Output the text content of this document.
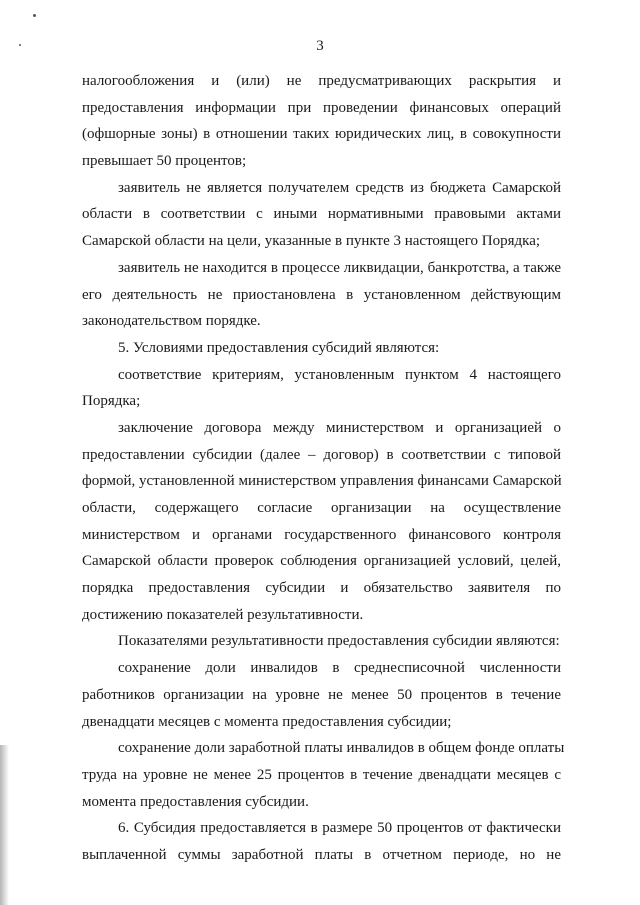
3
налогообложения и (или) не предусматривающих раскрытия и
предоставления информации при проведении финансовых операций
(офшорные зоны) в отношении таких юридических лиц, в совокупности
превышает 50 процентов;
заявитель не является получателем средств из бюджета Самарской
области в соответствии с иными нормативными правовыми актами
Самарской области на цели, указанные в пункте 3 настоящего Порядка;
заявитель не находится в процессе ликвидации, банкротства, а также
его деятельность не приостановлена в установленном действующим
законодательством порядке.
5. Условиями предоставления субсидий являются:
соответствие критериям, установленным пунктом 4 настоящего
Порядка;
заключение договора между министерством и организацией о
предоставлении субсидии (далее – договор) в соответствии с типовой
формой, установленной министерством управления финансами Самарской
области, содержащего согласие организации на осуществление
министерством и органами государственного финансового контроля
Самарской области проверок соблюдения организацией условий, целей,
порядка предоставления субсидии и обязательство заявителя по
достижению показателей результативности.
Показателями результативности предоставления субсидии являются:
сохранение доли инвалидов в среднесписочной численности
работников организации на уровне не менее 50 процентов в течение
двенадцати месяцев с момента предоставления субсидии;
сохранение доли заработной платы инвалидов в общем фонде оплаты
труда на уровне не менее 25 процентов в течение двенадцати месяцев с
момента предоставления субсидии.
6. Субсидия предоставляется в размере 50 процентов от фактически
выплаченной суммы заработной платы в отчетном периоде, но не
